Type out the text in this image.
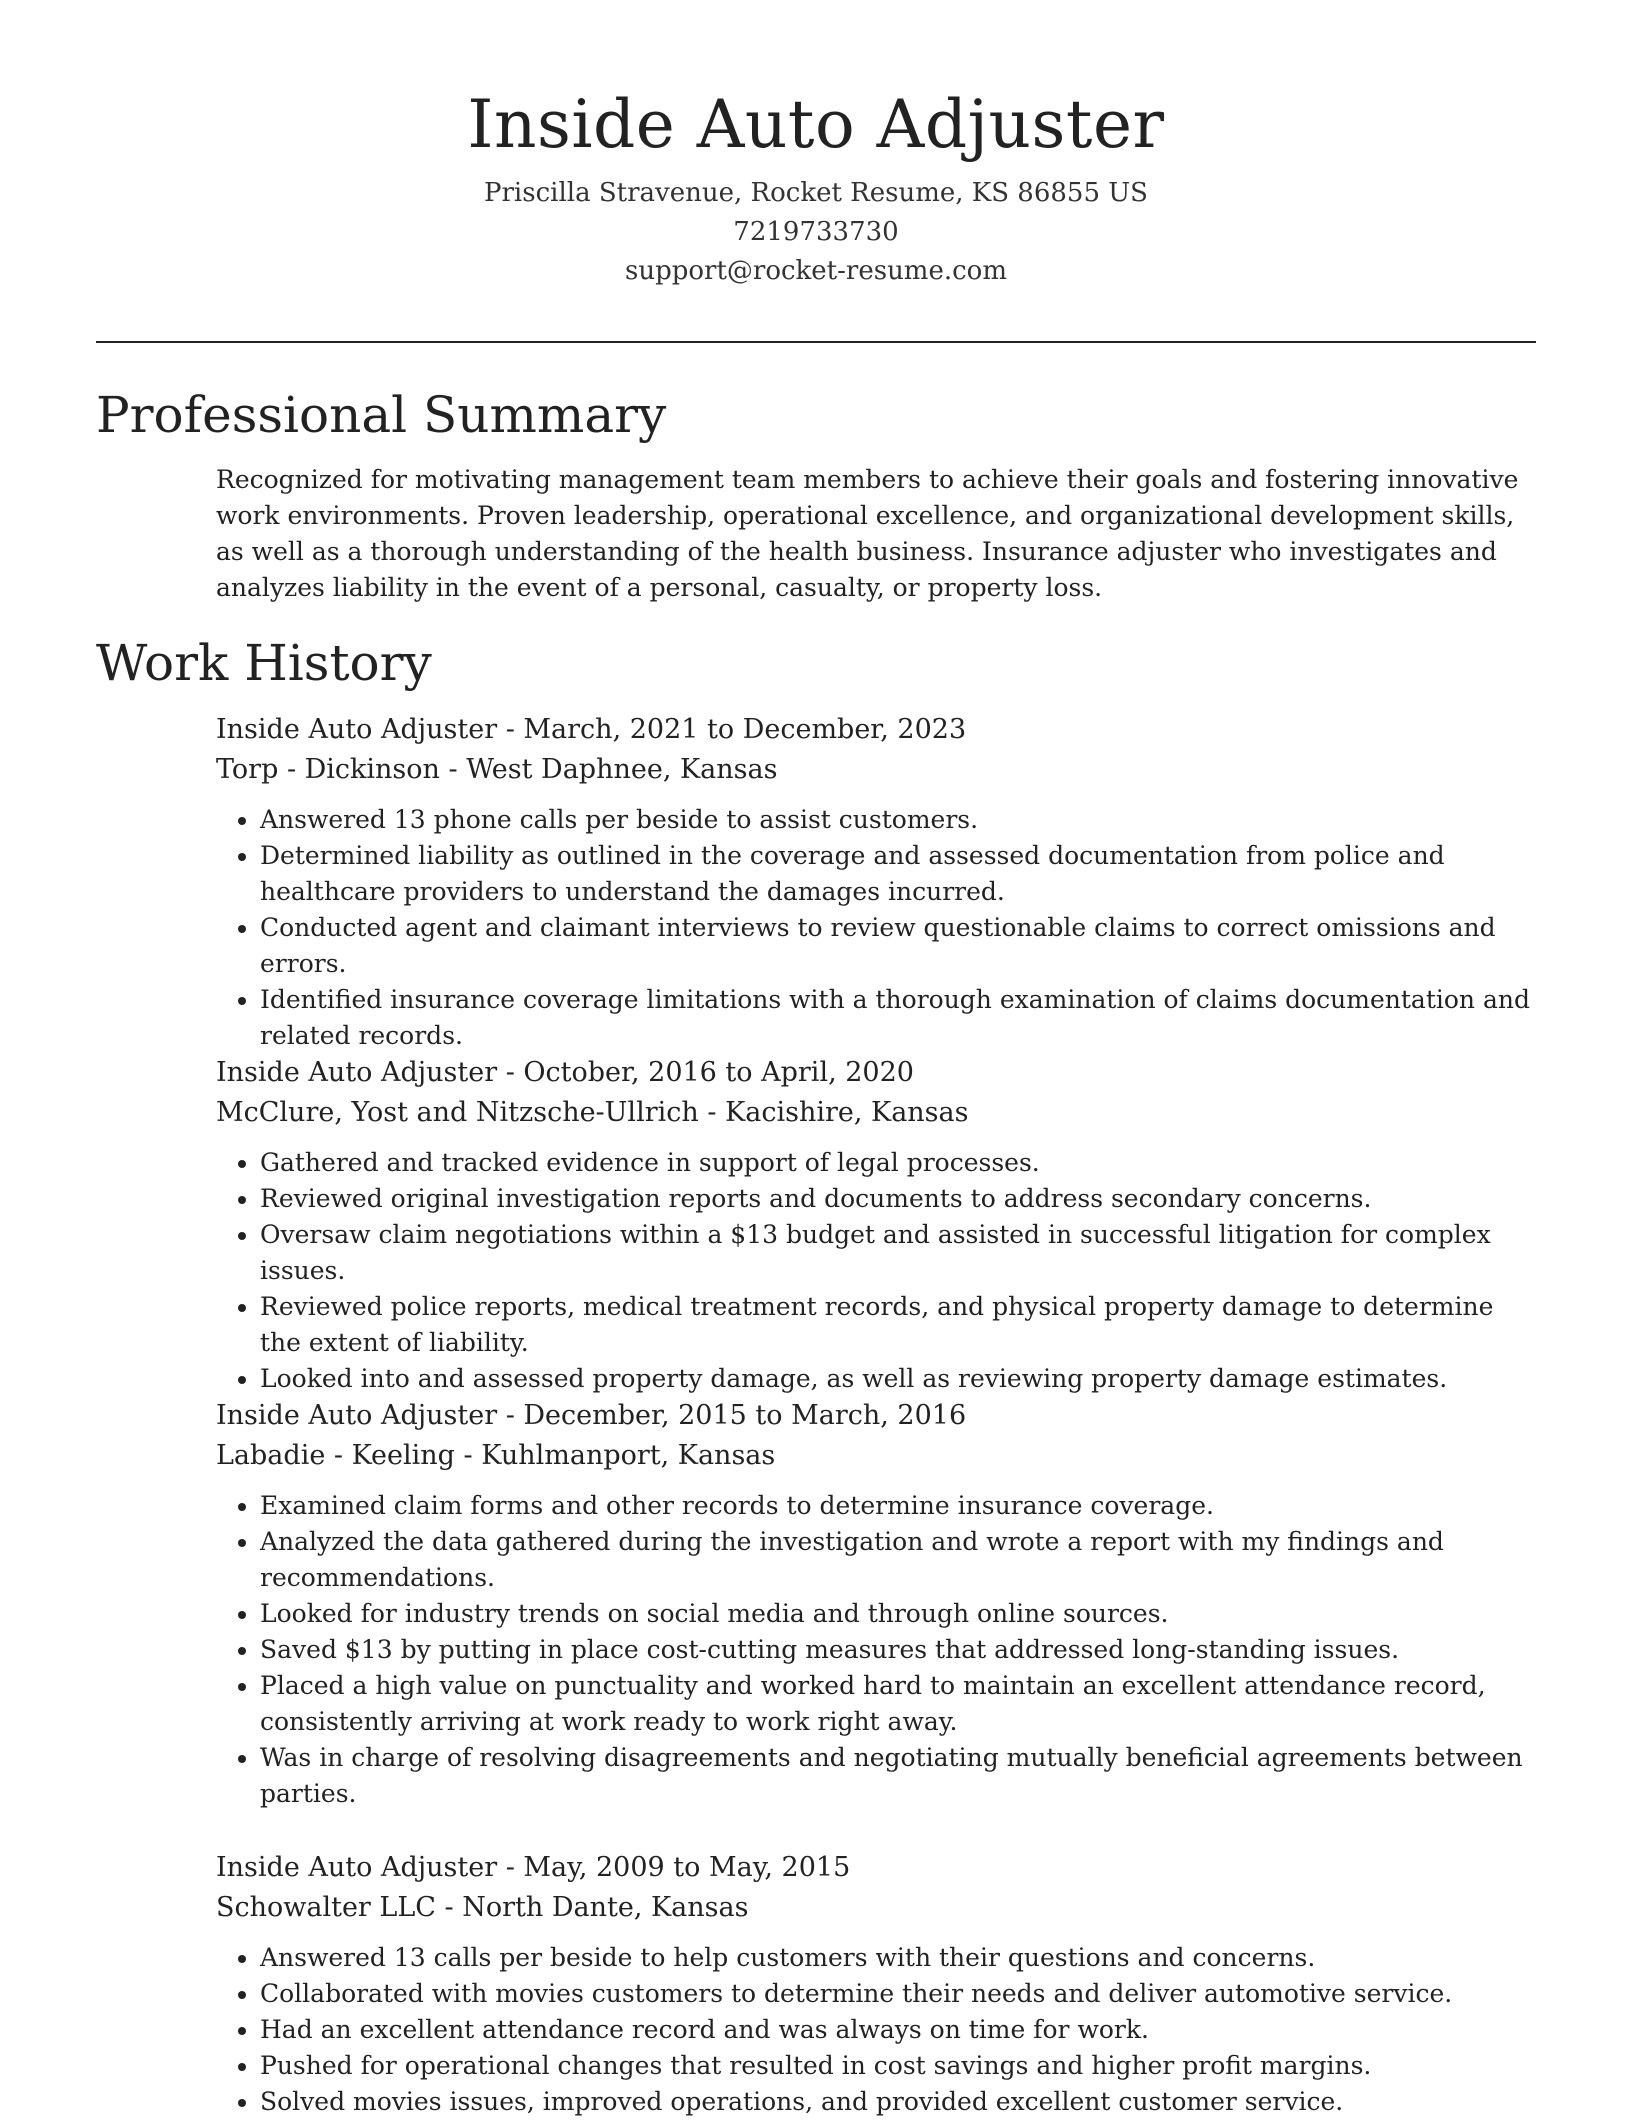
Inside Auto Adjuster
Priscilla Stravenue, Rocket Resume, KS 86855 US
7219733730
support@rocket-resume.com
Professional Summary

Recognized for motivating management team members to achieve their goals and fostering innovative work environments. Proven leadership, operational excellence, and organizational development skills, as well as a thorough understanding of the health business. Insurance adjuster who investigates and analyzes liability in the event of a personal, casualty, or property loss.

Work History
Inside Auto Adjuster - March, 2021 to December, 2023
Torp - Dickinson - West Daphnee, Kansas
• Answered 13 phone calls per beside to assist customers.
• Determined liability as outlined in the coverage and assessed documentation from police and healthcare providers to understand the damages incurred.
• Conducted agent and claimant interviews to review questionable claims to correct omissions and errors.
• Identified insurance coverage limitations with a thorough examination of claims documentation and related records.
Inside Auto Adjuster - October, 2016 to April, 2020
McClure, Yost and Nitzsche-Ullrich - Kacishire, Kansas
• Gathered and tracked evidence in support of legal processes.
• Reviewed original investigation reports and documents to address secondary concerns.
• Oversaw claim negotiations within a $13 budget and assisted in successful litigation for complex issues.
• Reviewed police reports, medical treatment records, and physical property damage to determine the extent of liability.
• Looked into and assessed property damage, as well as reviewing property damage estimates.
Inside Auto Adjuster - December, 2015 to March, 2016
Labadie - Keeling - Kuhlmanport, Kansas
• Examined claim forms and other records to determine insurance coverage.
• Analyzed the data gathered during the investigation and wrote a report with my findings and recommendations.
• Looked for industry trends on social media and through online sources.
• Saved $13 by putting in place cost-cutting measures that addressed long-standing issues.
• Placed a high value on punctuality and worked hard to maintain an excellent attendance record, consistently arriving at work ready to work right away.
• Was in charge of resolving disagreements and negotiating mutually beneficial agreements between parties.
Inside Auto Adjuster - May, 2009 to May, 2015
Schowalter LLC - North Dante, Kansas
• Answered 13 calls per beside to help customers with their questions and concerns.
• Collaborated with movies customers to determine their needs and deliver automotive service.
• Had an excellent attendance record and was always on time for work.
• Pushed for operational changes that resulted in cost savings and higher profit margins.
• Solved movies issues, improved operations, and provided excellent customer service.
